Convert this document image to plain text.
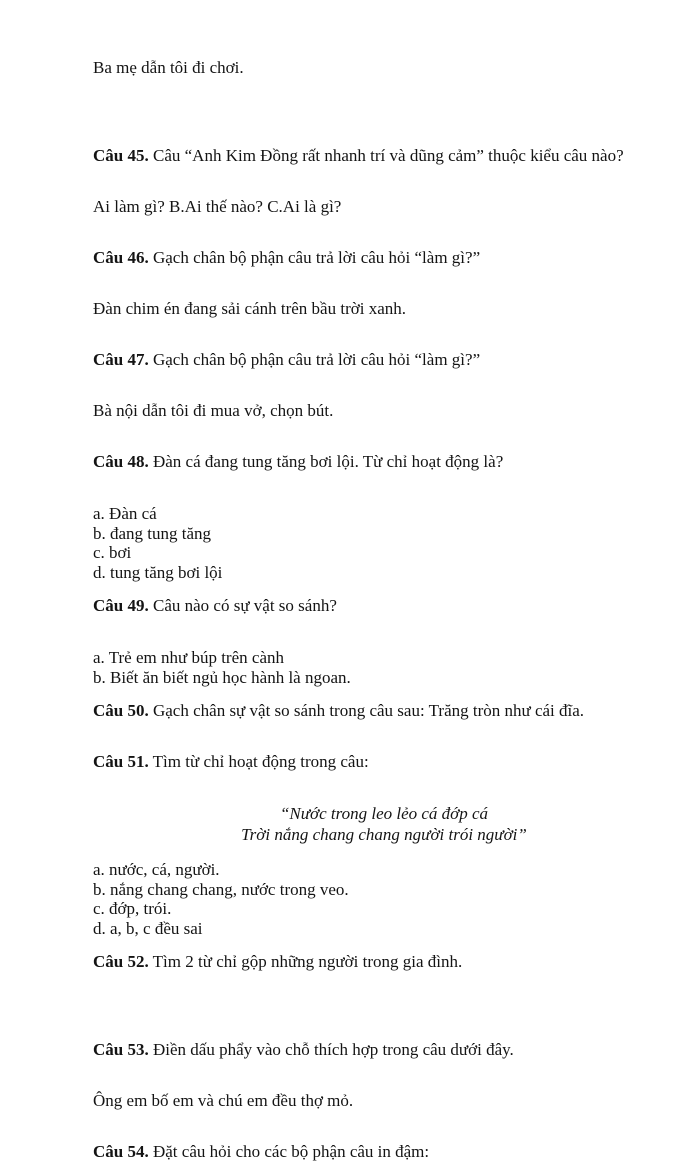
Ba mẹ dẫn tôi đi chơi.

Câu 45. Câu “Anh Kim Đồng rất nhanh trí và dũng cảm” thuộc kiểu câu nào?

Ai làm gì? B.Ai thế nào? C.Ai là gì?

Câu 46. Gạch chân bộ phận câu trả lời câu hỏi “làm gì?”

Đàn chim én đang sải cánh trên bầu trời xanh.

Câu 47. Gạch chân bộ phận câu trả lời câu hỏi “làm gì?”

Bà nội dẫn tôi đi mua vở, chọn bút.

Câu 48. Đàn cá đang tung tăng bơi lội. Từ chỉ hoạt động là?

a. Đàn cá
b. đang tung tăng
c. bơi
d. tung tăng bơi lội

Câu 49. Câu nào có sự vật so sánh?

a. Trẻ em như búp trên cành
b. Biết ăn biết ngủ học hành là ngoan.

Câu 50. Gạch chân sự vật so sánh trong câu sau: Trăng tròn như cái đĩa.

Câu 51. Tìm từ chỉ hoạt động trong câu:

“Nước trong leo lẻo cá đớp cá
Trời nắng chang chang người trói người”
a. nước, cá, người.
b. nắng chang chang, nước trong veo.
c. đớp, trói.
d. a, b, c đều sai

Câu 52. Tìm 2 từ chỉ gộp những người trong gia đình.

Câu 53. Điền dấu phẩy vào chỗ thích hợp trong câu dưới đây.

Ông em bố em và chú em đều thợ mỏ.

Câu 54. Đặt câu hỏi cho các bộ phận câu in đậm:
